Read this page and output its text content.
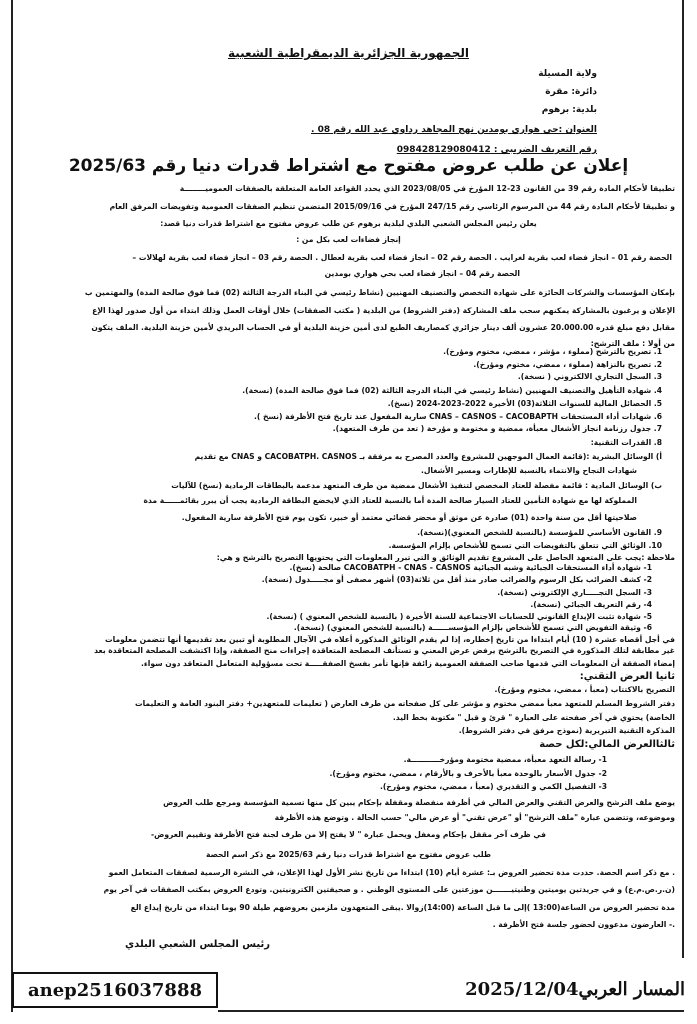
الجمهورية الجزائرية الديمقراطية الشعبية
ولاية المسيلة
دائرة: مقرة
بلدية: برهوم
العنوان :حي هواري بومدين نهج المجاهد رداوي عبد الله رقم 08 .
رقم التعريف الضريبي : 098428129080412
إعلان عن طلب عروض مفتوح مع اشتراط قدرات دنيا رقم 2025/63
تطبيقا لأحكام المادة رقم 39 من القانون 23-12 المؤرخ في 2023/08/05 الذي يحدد القواعد العامة المتعلقة بالصفقات العموميــــــــة
و تطبيقا لأحكام المادة رقم 44 من المرسوم الرئاسي رقم 247/15 المؤرخ في 2015/09/16 المتضمن تنظيم الصفقات العمومية وتفويضات المرفق العام
يعلن رئيس المجلس الشعبي البلدي لبلدية برهوم عن طلب عروض مفتوح مع اشتراط قدرات دنيا قصد:
إنجاز فضاءات لعب بكل من :
الحصة رقم 01 – انجاز فضاء لعب بقرية لغرايب . الحصة رقم 02 – انجاز فضاء لعب بقرية لعطال . الحصة رقم 03 – انجاز فضاء لعب بقرية لهلالات –
الحصة رقم 04 – انجاز فضاء لعب بحي هواري بومدين
بإمكان المؤسسات والشركات الحائزة على شهادة التخصص والتصنيف المهنيين (نشاط رئيسي في البناء الدرجة الثالثة (02) فما فوق صالحة المدة) والمهتمين ب
الإعلان و يرغبون بالمشاركة يمكنهم سحب ملف المشاركة (دفتر الشروط) من البلدية ( مكتب الصفقات) خلال أوقات العمل وذلك ابتداء من أول صدور لهذا الإع
مقابل دفع مبلغ قدره 20.000.00 عشرون ألف دينار جزائري كمصاريف الطبع لدى أمين خزينة البلدية أو في الحساب البريدي لأمين خزينة البلدية. الملف يتكون
من أولا : ملف الترشح:
1. تصريح بالترشح (مملوء ، مؤشر ، ممضي، مختوم ومؤرخ).
2. تصريح بالنزاهة (مملوء ، ممضي، مختوم ومؤرخ).
3. السجل التجاري الالكتروني ( نسخة).
4. شهادة التأهيل والتصنيف المهنيين (نشاط رئيسي في البناء الدرجة الثالثة (02) فما فوق صالحة المدة) (نسخة).
5. الحصائل المالية للسنوات الثلاثة(03) الأخيرة 2022-2023-2024 (نسخ).
6. شهادات أداء المستحقات CNAS – CASNOS – CACOBAPTH سارية المفعول عند تاريخ فتح الأظرفة (نسخ ).
7. جدول رزنامة انجاز الأشغال معبأة، ممضية و مختومة و مؤرخة ( تعد من طرف المتعهد).
8. القدرات التقنية:
أ) الوسائل البشرية :(قائمة العمال الموجهين للمشروع والعدد المصرح به مرفقة بـ CACOBATPH. CASNOS و CNAS مع تقديم
شهادات النجاح والانتماء بالنسبة للإطارات ومسير الأشغال.
ب) الوسائل المادية : قائمة مفصلة للعتاد المخصص لتنفيذ الأشغال ممضية من طرف المتعهد مدعمة بالبطاقات الرمادية (نسخ) للآليات
المملوكة لها مع شهادة التأمين للعتاد السيار صالحة المدة أما بالنسبة للعتاد الذي لايخضع البطاقة الرمادية يجب أن يبرر بقائمــــــة مدة
صلاحيتها أقل من سنة واحدة (01) صادرة عن موثق أو محضر قضائي معتمد أو خبير، تكون يوم فتح الأظرفة سارية المفعول.
9. القانون الأساسي للمؤسسة (بالنسبة للشخص المعنوي)(نسخة).
10. الوثائق التي تتعلق بالتفويضات التي تسمح للأشخاص بإلزام المؤسسة.
ملاحظة :يجب على المتعهد الحاصل على المشروع تقديم الوثائق و التي تبرر المعلومات التي يحتويها التصريح بالترشح و هي:
1- شهادة أداء المستحقات الجبائية وشبه الجبائية CACOBATPH - CNAS - CASNOS صالحة (نسخ).
2- كشف الضرائب بكل الرسوم والضرائب صادر منذ أقل من ثلاثة(03) أشهر مصفى أو مجـــــدول (نسخة).
3- السجل التجـــــاري الإلكتروني (نسخة).
4- رقم التعريف الجبائي (نسخة).
5- شهادة تثبت الإيداع القانوني للحسابات الاجتماعية للسنة الأخيرة ( بالنسبة للشخص المعنوي ) (نسخة).
6- وثيقة التفويض التي تسمح للأشخاص بإلزام المؤسســــــة (بالنسبة للشخص المعنوي) (نسخة).
في أجل أقصاه عشرة ( 10) أيام ابتداءا من تاريخ إخطاره، إذا لم يقدم الوثائق المذكورة أعلاه في الآجال المطلوبة أو تبين بعد تقديمها أنها تتضمن معلومات
غير مطابقة لتلك المذكورة في التصريح بالترشح يرفض عرض المعني و تستأنف المصلحة المتعاقدة إجراءات منح الصفقة، وإذا اكتشفت المصلحة المتعاقدة بعد
إمضاء الصفقة أن المعلومات التي قدمها صاحب الصفقة العمومية زائفة فإنها تأمر بفسخ الصفقـــــة تحت مسؤولية المتعامل المتعاقد دون سواء.
ثانيا العرض التقني:
التصريح بالاكتتاب (معبأ ، ممضي، مختوم ومؤرخ).
دفتر الشروط المسلم للمتعهد معبأ ممضي مختوم و مؤشر على كل صفحاته من طرف العارض ( تعليمات للمتعهدين+ دفتر البنود العامة و التعليمات
الخاصة) يحتوي في آخر صفحته على العبارة " قرئ و قبل " مكتوبة بخط اليد.
المذكرة التقنية التبريرية (نموذج مرفق في دفتر الشروط).
ثالثاالعرض المالي:لكل حصة
1- رسالة التعهد معبأة، ممضية مختومة ومؤرخـــــــــــة.
2- جدول الأسعار بالوحدة معبأ بالأحرف و بالأرقام ، ممضي، مختوم ومؤرخ).
3- التفصيل الكمي و التقديري (معبأ ، ممضي، مختوم ومؤرخ).
يوضع ملف الترشح والعرض التقني والعرض المالي في أظرفة منفصلة ومقفلة بإحكام يبين كل منها تسمية المؤسسة ومرجع طلب العروض
وموضوعه، وتتضمن عبارة "ملف الترشح" أو "عرض تقني" أو عرض مالي" حسب الحالة . وتوضع هذه الأظرفة
في ظرف آخر مقفل بإحكام ومغفل ويحمل عبارة " لا يفتح إلا من طرف لجنة فتح الأظرفة وتقييم العروض-
طلب عروض مفتوح مع اشتراط قدرات دنيا رقم 2025/63 مع ذكر اسم الحصة
. مع ذكر اسم الحصة. حددت مدة تحضير العروض بـ: عشرة أيام (10) ابتداءا من تاريخ نشر الأول لهذا الإعلان، في النشرة الرسمية لصفقات المتعامل العمو
(ن.ر.ص.م.ع) و في جريدتين يوميتين وطنيتيـــــــن موزعتين على المستوى الوطني . و صحيفتين الكترونيتين. وتودع العروض بمكتب الصفقات في آخر يوم
مدة تحضير العروض من الساعة(13:00 )إلى ما قبل الساعة (14:00)زوالا .يبقى المتعهدون ملزمين بعروضهم طيلة 90 يوما ابتداء من تاريخ إيداع الع
.- العارضون مدعوون لحضور جلسة فتح الأظرفة .
رئيس المجلس الشعبي البلدي
anep2516037888	المسار العربي2025/12/04
